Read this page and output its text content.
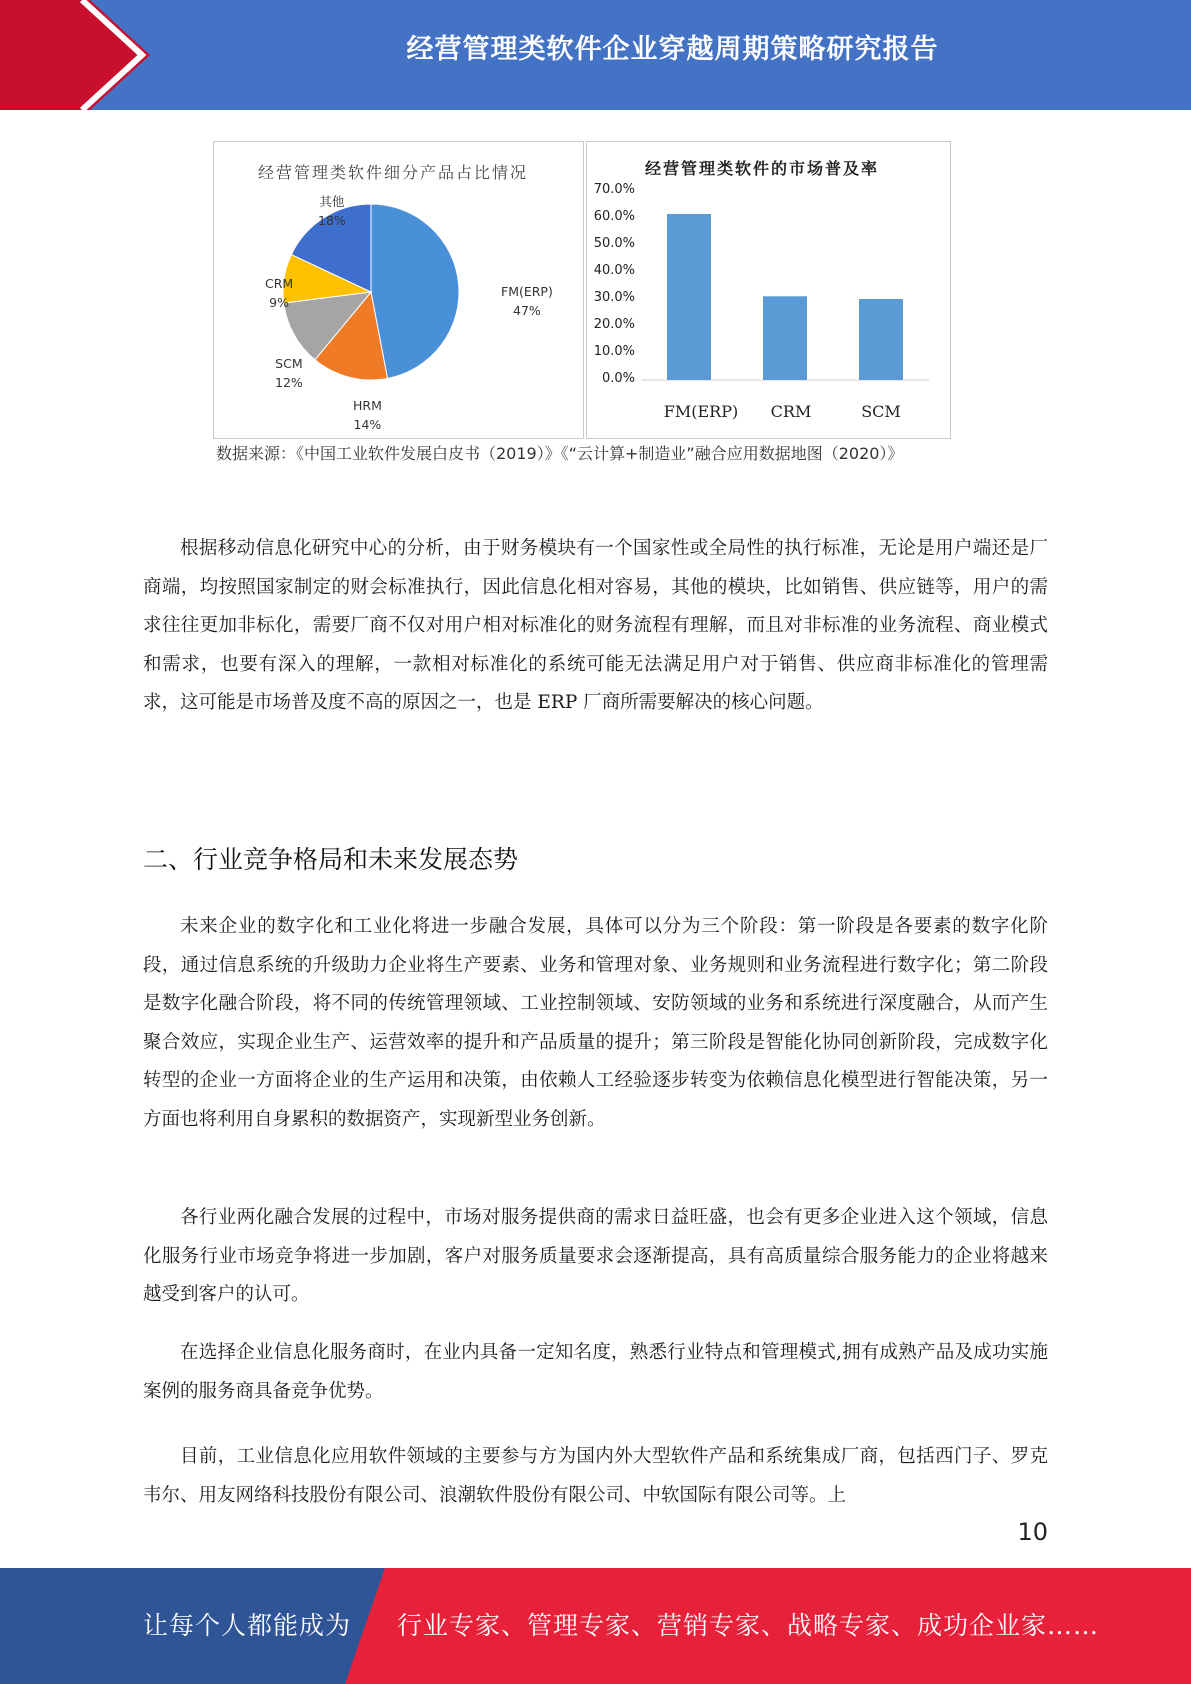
经营管理类软件企业穿越周期策略研究报告
经营管理类软件细分产品占比情况	经营管理类软件的市场普及率
FM(ERP)
47%
HRM
14%
SCM
12%
CRM
9%
其他
18%
70.0%
60.0%
50.0%
40.0%
30.0%
20.0%
10.0%
0.0%
FM(ERP)	CRM	SCM
数据来源：《中国工业软件发展白皮书（2019）》《“云计算+制造业”融合应用数据地图（2020）》

根据移动信息化研究中心的分析，由于财务模块有一个国家性或全局性的执行标准，无论是用户端还是厂商端，均按照国家制定的财会标准执行，因此信息化相对容易，其他的模块，比如销售、供应链等，用户的需求往往更加非标化，需要厂商不仅对用户相对标准化的财务流程有理解，而且对非标准的业务流程、商业模式和需求，也要有深入的理解，一款相对标准化的系统可能无法满足用户对于销售、供应商非标准化的管理需求，这可能是市场普及度不高的原因之一，也是 ERP 厂商所需要解决的核心问题。

二、行业竞争格局和未来发展态势

未来企业的数字化和工业化将进一步融合发展，具体可以分为三个阶段：第一阶段是各要素的数字化阶段，通过信息系统的升级助力企业将生产要素、业务和管理对象、业务规则和业务流程进行数字化；第二阶段是数字化融合阶段，将不同的传统管理领域、工业控制领域、安防领域的业务和系统进行深度融合，从而产生聚合效应，实现企业生产、运营效率的提升和产品质量的提升；第三阶段是智能化协同创新阶段，完成数字化转型的企业一方面将企业的生产运用和决策，由依赖人工经验逐步转变为依赖信息化模型进行智能决策，另一方面也将利用自身累积的数据资产，实现新型业务创新。

各行业两化融合发展的过程中，市场对服务提供商的需求日益旺盛，也会有更多企业进入这个领域，信息化服务行业市场竞争将进一步加剧，客户对服务质量要求会逐渐提高，具有高质量综合服务能力的企业将越来越受到客户的认可。

在选择企业信息化服务商时，在业内具备一定知名度，熟悉行业特点和管理模式,拥有成熟产品及成功实施案例的服务商具备竞争优势。

目前，工业信息化应用软件领域的主要参与方为国内外大型软件产品和系统集成厂商，包括西门子、罗克韦尔、用友网络科技股份有限公司、浪潮软件股份有限公司、中软国际有限公司等。上

10
让每个人都能成为 行业专家、管理专家、营销专家、战略专家、成功企业家……
